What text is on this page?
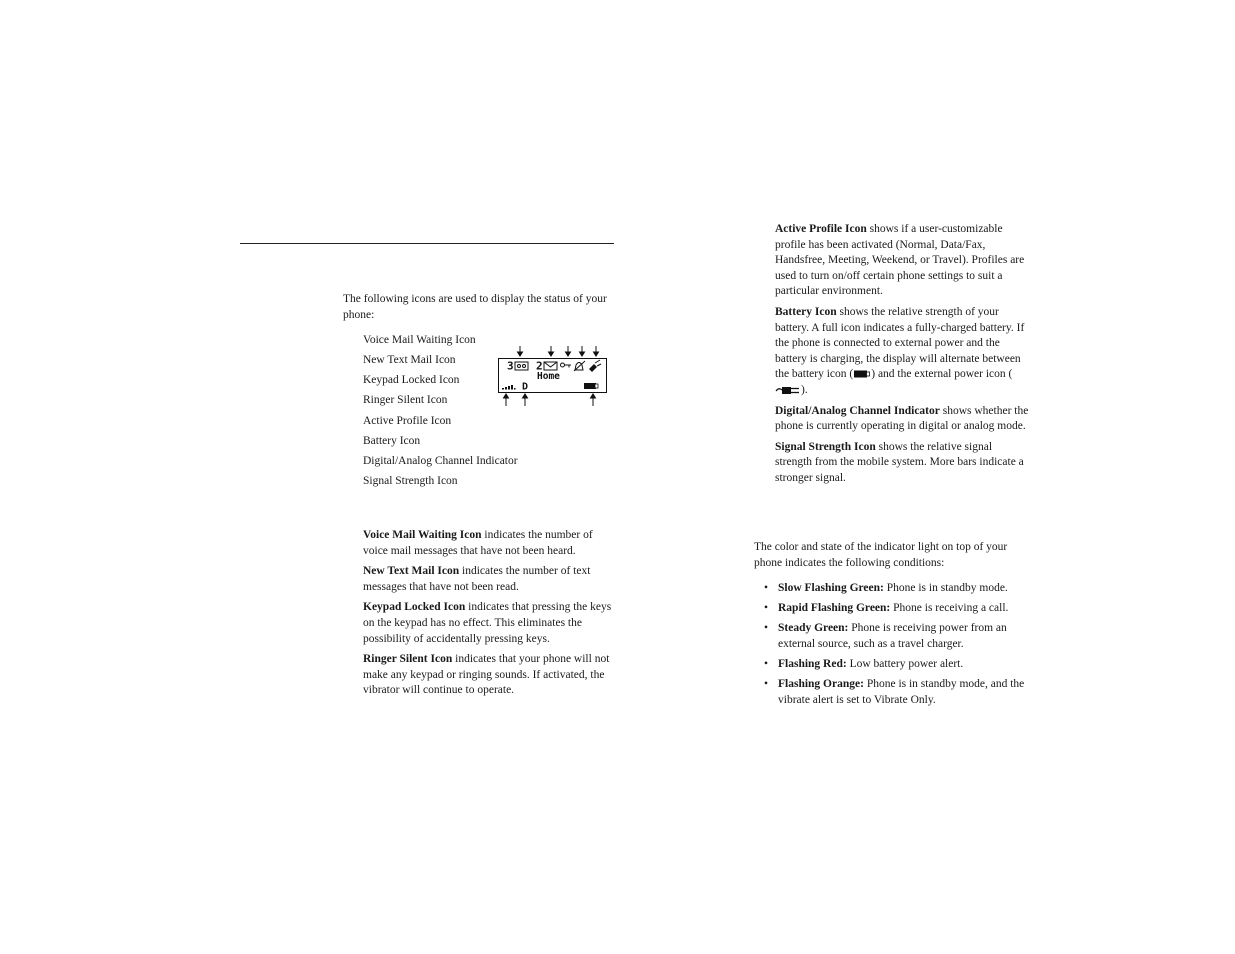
The following icons are used to display the status of your phone:

Voice Mail Waiting Icon
New Text Mail Icon
Keypad Locked Icon
Ringer Silent Icon
Active Profile Icon
Battery Icon
Digital/Analog Channel Indicator
Signal Strength Icon
3 2
Home
D

Voice Mail Waiting Icon indicates the number of voice mail messages that have not been heard.

New Text Mail Icon indicates the number of text messages that have not been read.

Keypad Locked Icon indicates that pressing the keys on the keypad has no effect. This eliminates the possibility of accidentally pressing keys.

Ringer Silent Icon indicates that your phone will not make any keypad or ringing sounds. If activated, the vibrator will continue to operate.

Active Profile Icon shows if a user-customizable profile has been activated (Normal, Data/Fax, Handsfree, Meeting, Weekend, or Travel). Profiles are used to turn on/off certain phone settings to suit a particular environment.

Battery Icon shows the relative strength of your battery. A full icon indicates a fully-charged battery. If the phone is connected to external power and the battery is charging, the display will alternate between the battery icon ( ) and the external power icon ().

Digital/Analog Channel Indicator shows whether the phone is currently operating in digital or analog mode.

Signal Strength Icon shows the relative signal strength from the mobile system. More bars indicate a stronger signal.

The color and state of the indicator light on top of your phone indicates the following conditions:

• Slow Flashing Green: Phone is in standby mode.
• Rapid Flashing Green: Phone is receiving a call.
• Steady Green: Phone is receiving power from an external source, such as a travel charger.
• Flashing Red: Low battery power alert.
• Flashing Orange: Phone is in standby mode, and the vibrate alert is set to Vibrate Only.
